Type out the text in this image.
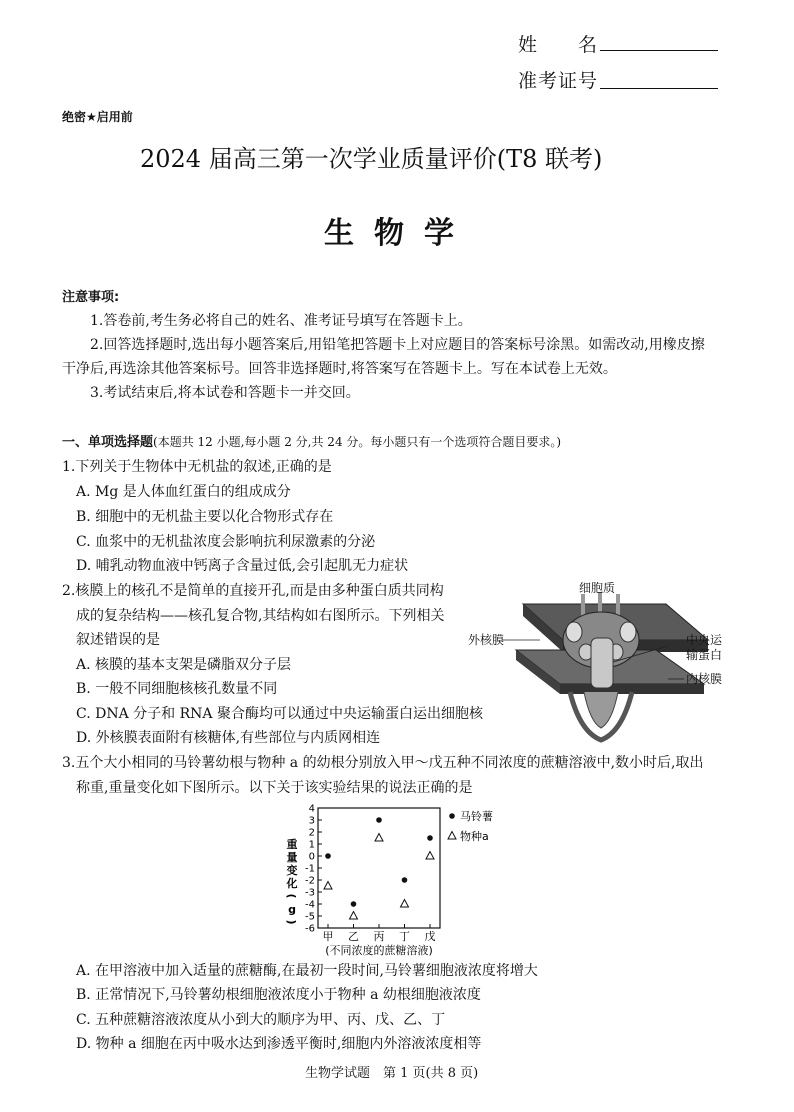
姓　　名
准考证号
绝密★启用前
2024 届高三第一次学业质量评价(T8 联考)
生物学
注意事项:
1.答卷前,考生务必将自己的姓名、准考证号填写在答题卡上。
2.回答选择题时,选出每小题答案后,用铅笔把答题卡上对应题目的答案标号涂黑。如需改动,用橡皮擦
干净后,再选涂其他答案标号。回答非选择题时,将答案写在答题卡上。写在本试卷上无效。
3.考试结束后,将本试卷和答题卡一并交回。
一、单项选择题(本题共 12 小题,每小题 2 分,共 24 分。每小题只有一个选项符合题目要求。)
1.下列关于生物体中无机盐的叙述,正确的是
A. Mg 是人体血红蛋白的组成成分
B. 细胞中的无机盐主要以化合物形式存在
C. 血浆中的无机盐浓度会影响抗利尿激素的分泌
D. 哺乳动物血液中钙离子含量过低,会引起肌无力症状
2.核膜上的核孔不是简单的直接开孔,而是由多种蛋白质共同构
成的复杂结构——核孔复合物,其结构如右图所示。下列相关
叙述错误的是
A. 核膜的基本支架是磷脂双分子层
B. 一般不同细胞核核孔数量不同
C. DNA 分子和 RNA 聚合酶均可以通过中央运输蛋白运出细胞核
D. 外核膜表面附有核糖体,有些部位与内质网相连
细胞质
外核膜	中央运
输蛋白
内核膜
3.五个大小相同的马铃薯幼根与物种 a 的幼根分别放入甲～戊五种不同浓度的蔗糖溶液中,数小时后,取出
称重,重量变化如下图所示。以下关于该实验结果的说法正确的是
4
3
2
1
0
-1
-2
-3
-4
-5
-6
甲 乙 丙 丁 戊
马铃薯
物种a
(不同浓度的蔗糖溶液)
重
量
变
化
(
g
)
A. 在甲溶液中加入适量的蔗糖酶,在最初一段时间,马铃薯细胞液浓度将增大
B. 正常情况下,马铃薯幼根细胞液浓度小于物种 a 幼根细胞液浓度
C. 五种蔗糖溶液浓度从小到大的顺序为甲、丙、戊、乙、丁
D. 物种 a 细胞在丙中吸水达到渗透平衡时,细胞内外溶液浓度相等
生物学试题　第 1 页(共 8 页)
